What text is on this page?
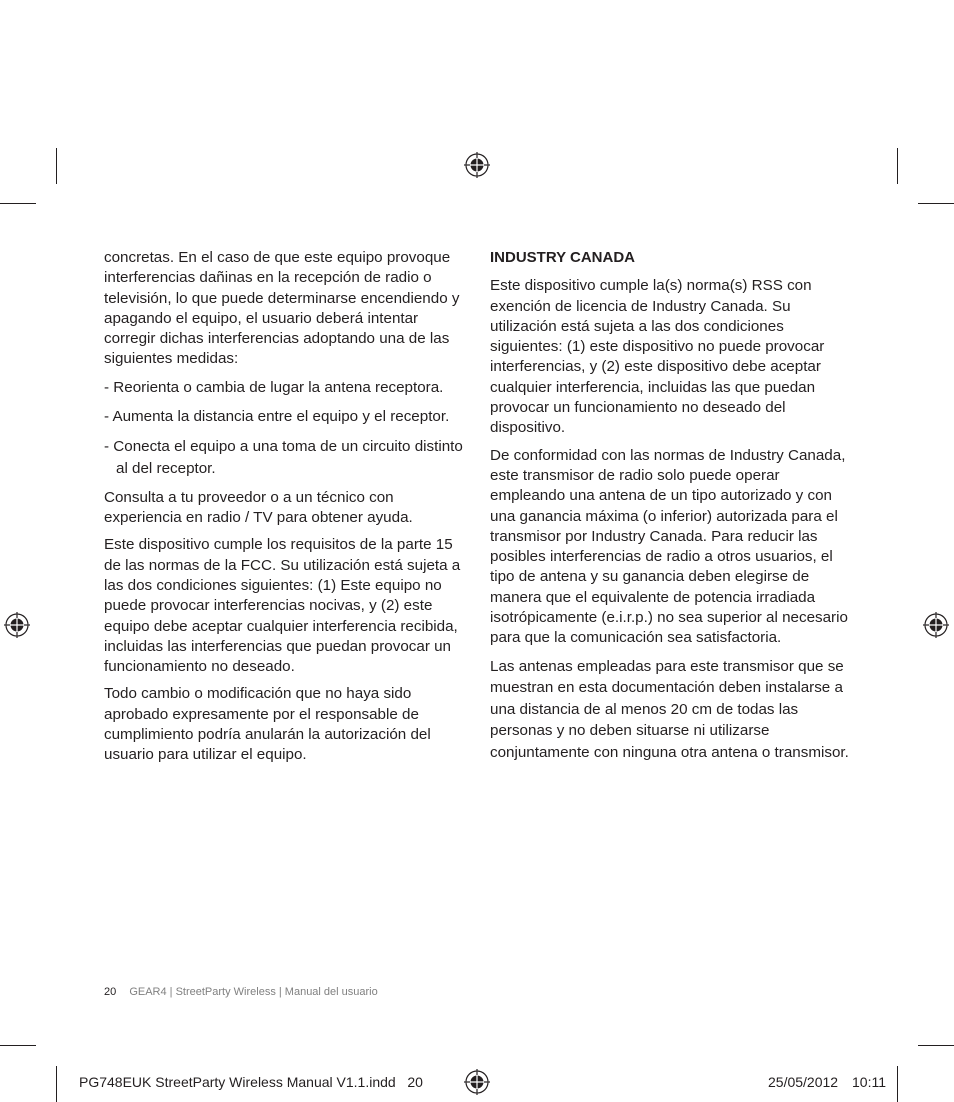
concretas. En el caso de que este equipo provoque interferencias dañinas en la recepción de radio o televisión, lo que puede determinarse encendiendo y apagando el equipo, el usuario deberá intentar corregir dichas interferencias adoptando una de las siguientes medidas:

- Reorienta o cambia de lugar la antena receptora.
- Aumenta la distancia entre el equipo y el receptor.
- Conecta el equipo a una toma de un circuito distinto al del receptor.

Consulta a tu proveedor o a un técnico con experiencia en radio / TV para obtener ayuda.

Este dispositivo cumple los requisitos de la parte 15 de las normas de la FCC. Su utilización está sujeta a las dos condiciones siguientes: (1) Este equipo no puede provocar interferencias nocivas, y (2) este equipo debe aceptar cualquier interferencia recibida, incluidas las interferencias que puedan provocar un funcionamiento no deseado.

Todo cambio o modificación que no haya sido aprobado expresamente por el responsable de cumplimiento podría anularán la autorización del usuario para utilizar el equipo.

INDUSTRY CANADA

Este dispositivo cumple la(s) norma(s) RSS con exención de licencia de Industry Canada. Su utilización está sujeta a las dos condiciones siguientes: (1) este dispositivo no puede provocar interferencias, y (2) este dispositivo debe aceptar cualquier interferencia, incluidas las que puedan provocar un funcionamiento no deseado del dispositivo.

De conformidad con las normas de Industry Canada, este transmisor de radio solo puede operar empleando una antena de un tipo autorizado y con una ganancia máxima (o inferior) autorizada para el transmisor por Industry Canada. Para reducir las posibles interferencias de radio a otros usuarios, el tipo de antena y su ganancia deben elegirse de manera que el equivalente de potencia irradiada isotrópicamente (e.i.r.p.) no sea superior al necesario para que la comunicación sea satisfactoria.

Las antenas empleadas para este transmisor que se muestran en esta documentación deben instalarse a una distancia de al menos 20 cm de todas las personas y no deben situarse ni utilizarse conjuntamente con ninguna otra antena o transmisor.

20 GEAR4 | StreetParty Wireless | Manual del usuario
PG748EUK StreetParty Wireless Manual V1.1.indd   20	25/05/2012 10:11
